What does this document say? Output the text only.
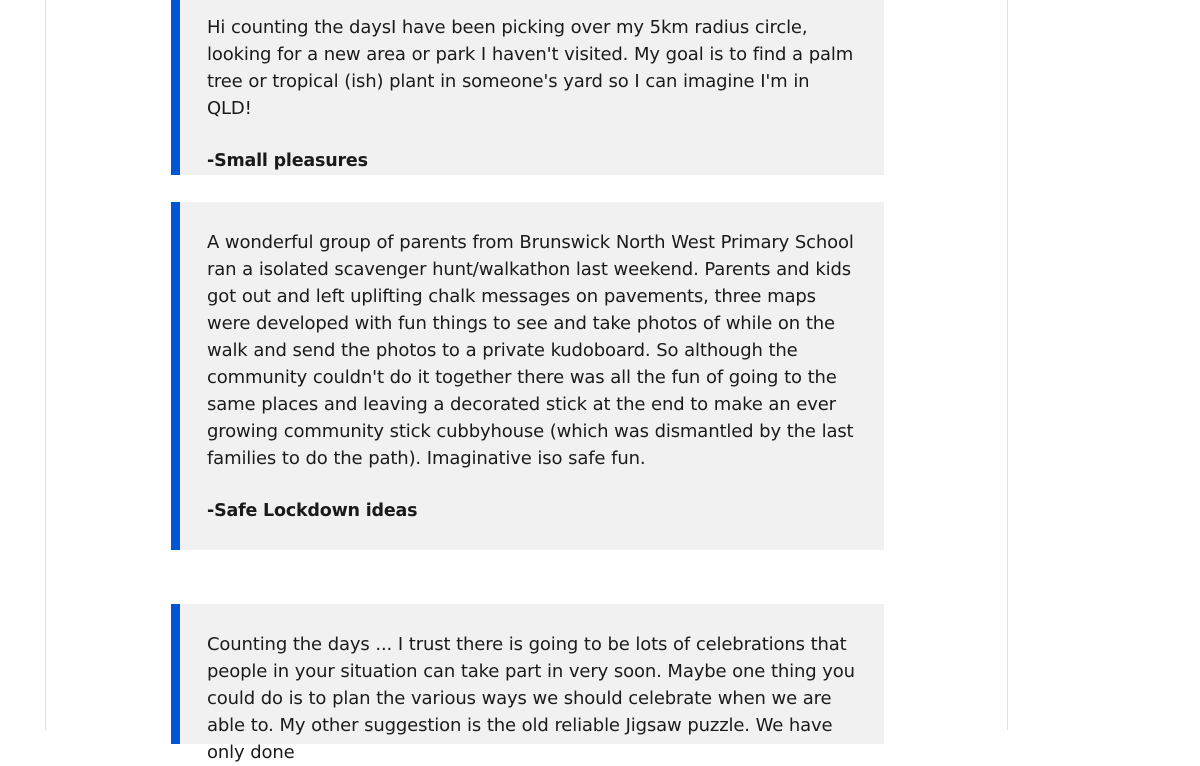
Hi counting the daysI have been picking over my 5km radius circle, looking for a new area or park I haven't visited. My goal is to find a palm tree or tropical (ish) plant in someone's yard so I can imagine I'm in QLD!

-Small pleasures

A wonderful group of parents from Brunswick North West Primary School ran a isolated scavenger hunt/walkathon last weekend. Parents and kids got out and left uplifting chalk messages on pavements, three maps were developed with fun things to see and take photos of while on the walk and send the photos to a private kudoboard. So although the community couldn't do it together there was all the fun of going to the same places and leaving a decorated stick at the end to make an ever growing community stick cubbyhouse (which was dismantled by the last families to do the path). Imaginative iso safe fun.

-Safe Lockdown ideas

Counting the days ... I trust there is going to be lots of celebrations that people in your situation can take part in very soon. Maybe one thing you could do is to plan the various ways we should celebrate when we are able to. My other suggestion is the old reliable Jigsaw puzzle. We have only done
